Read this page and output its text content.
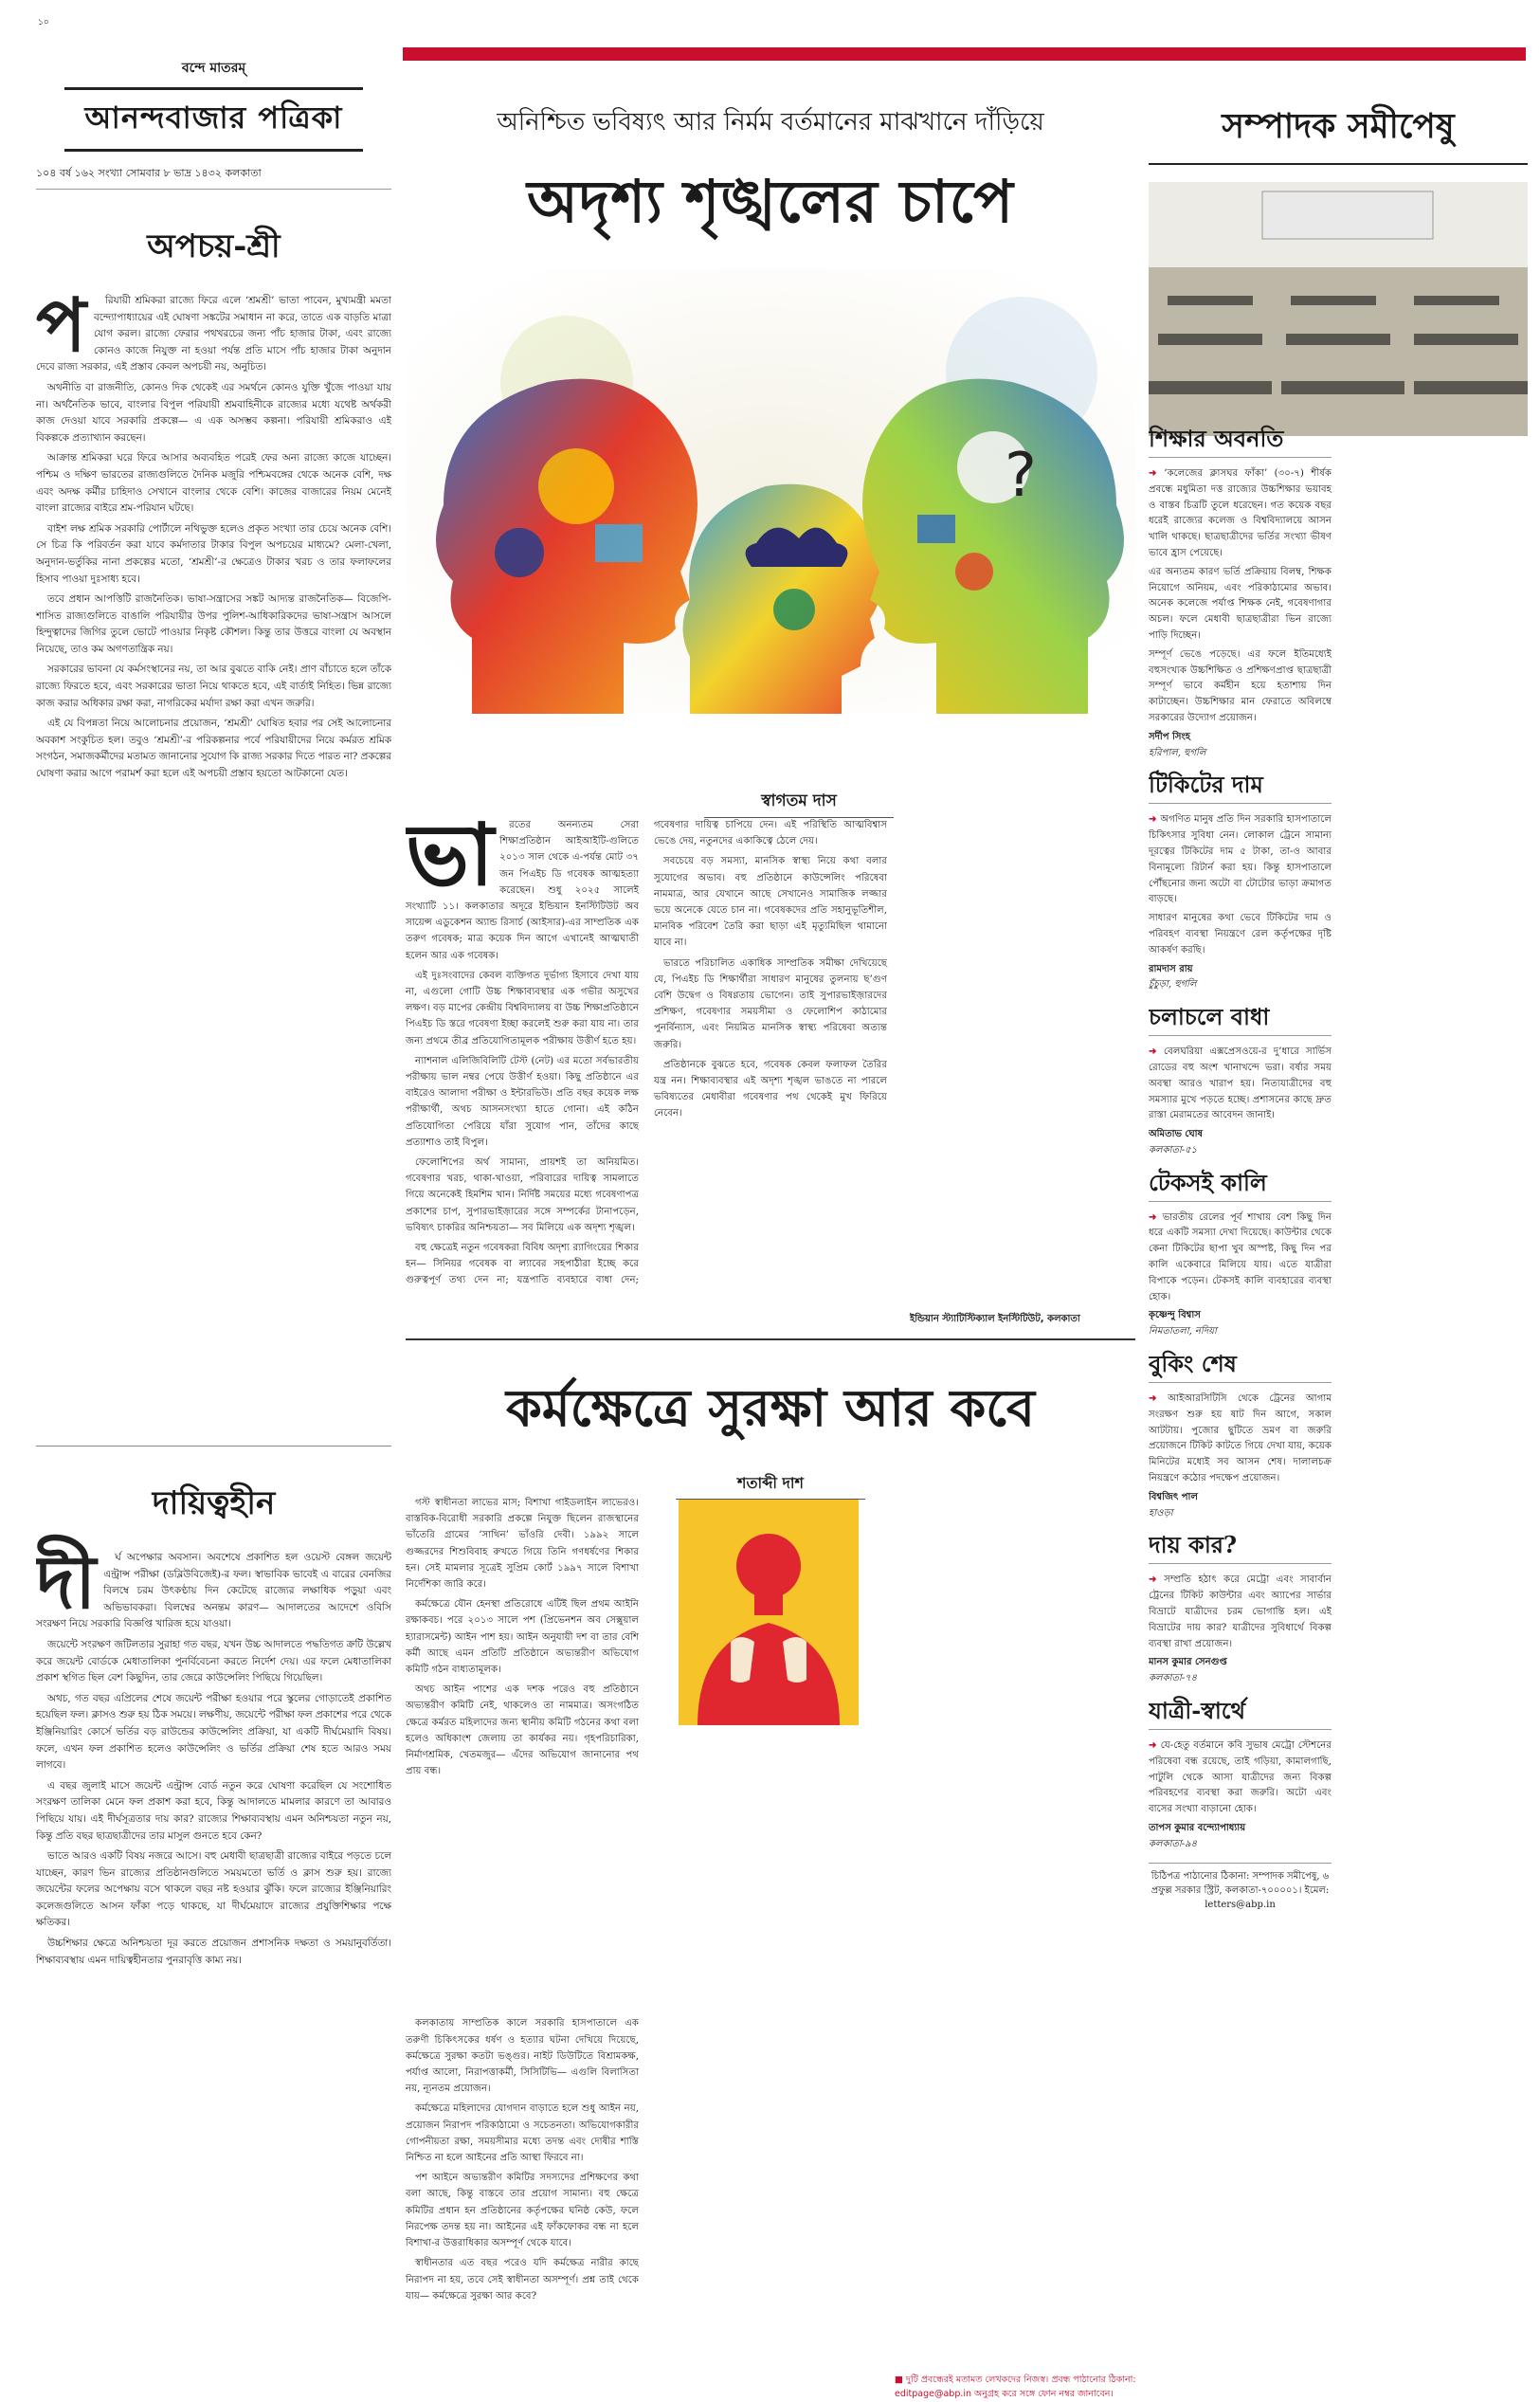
১০
বন্দে মাতরম্‌
আনন্দবাজার পত্রিকা
১০৪ বর্ষ ১৬২ সংখ্যা সোমবার ৮ ভাদ্র ১৪৩২ কলকাতা
অপচয়-শ্রী
প	রিযায়ী শ্রমিকরা রাজ্যে ফিরে এলে ‘শ্রমশ্রী’ ভাতা পাবেন, মুখ্যমন্ত্রী মমতা বন্দ্যোপাধ্যায়ের এই ঘোষণা সঙ্কটের সমাধান না করে, তাতে এক বাড়তি মাত্রা যোগ করল। রাজ্যে ফেরার পথখরচের জন্য পাঁচ হাজার টাকা, এবং রাজ্যে কোনও কাজে নিযুক্ত না হওয়া পর্যন্ত প্রতি মাসে পাঁচ হাজার টাকা অনুদান দেবে রাজ্য সরকার, এই প্রস্তাব কেবল অপচয়ী নয়, অনুচিত।

অথনীতি বা রাজনীতি, কোনও দিক থেকেই এর সমর্থনে কোনও যুক্তি খুঁজে পাওয়া যায় না। অর্থনৈতিক ভাবে, বাংলার বিপুল পরিযায়ী শ্রমবাহিনীকে রাজ্যের মধ্যে যথেষ্ট অর্থকরী কাজ দেওয়া যাবে সরকারি প্রকল্পে— এ এক অসম্ভব কল্পনা। পরিযায়ী শ্রমিকরাও এই বিকল্পকে প্রত্যাখ্যান করছেন।

আক্রান্ত শ্রমিকরা ঘরে ফিরে আসার অব্যবহিত পরেই ফের অন্য রাজ্যে কাজে যাচ্ছেন। পশ্চিম ও দক্ষিণ ভারতের রাজ্যগুলিতে দৈনিক মজুরি পশ্চিমবঙ্গের থেকে অনেক বেশি, দক্ষ এবং অদক্ষ কর্মীর চাহিদাও সেখানে বাংলার থেকে বেশি। কাজের বাজারের নিয়ম মেনেই বাংলা রাজ্যের বাইরে শ্রম-পরিযান ঘটছে।

বাইশ লক্ষ শ্রমিক সরকারি পোর্টালে নথিভুক্ত হলেও প্রকৃত সংখ্যা তার চেয়ে অনেক বেশি। সে চিত্র কি পরিবর্তন করা যাবে কর্মদাতার টাকার বিপুল অপচয়ের মাধ্যমে? মেলা-খেলা, অনুদান-ভর্তুকির নানা প্রকল্পের মতো, ‘শ্রমশ্রী’-র ক্ষেত্রেও টাকার খরচ ও তার ফলাফলের হিসাব পাওয়া দুঃসাধ্য হবে।

তবে প্রধান আপত্তিটি রাজনৈতিক। ভাষা-সন্ত্রাসের সঙ্কট আদ্যন্ত রাজনৈতিক— বিজেপি-শাসিত রাজ্যগুলিতে বাঙালি পরিযায়ীর উপর পুলিশ-আধিকারিকদের ভাষা-সন্ত্রাস আসলে হিন্দুত্বাদের জিগির তুলে ভোটে পাওয়ার নিকৃষ্ট কৌশল। কিন্তু তার উত্তরে বাংলা যে অবস্থান নিয়েছে, তাও কম অগণতান্ত্রিক নয়।

সরকারের ভাবনা যে কর্মসংস্থানের নয়, তা আর বুঝতে বাকি নেই। প্রাণ বাঁচাতে হলে তাঁকে রাজ্যে ফিরতে হবে, এবং সরকারের ভাতা নিয়ে থাকতে হবে, এই বার্তাই নিহিত। ভিন্ন রাজ্যে কাজ করার অধিকার রক্ষা করা, নাগরিকের মর্যাদা রক্ষা করা এখন জরুরি।

এই যে বিপন্নতা নিয়ে আলোচনার প্রয়োজন, ‘শ্রমশ্রী’ ঘোষিত হবার পর সেই আলোচনার অবকাশ সংকুচিত হল। তবুও ‘শ্রমশ্রী’-র পরিকল্পনার পর্বে পরিযায়ীদের নিয়ে কর্মরত শ্রমিক সংগঠন, সমাজকর্মীদের মতামত জানানোর সুযোগ কি রাজ্য সরকার দিতে পারত না? প্রকল্পের ঘোষণা করার আগে পরামর্শ করা হলে এই অপচয়ী প্রস্তাব হয়তো আটকানো যেত।

দায়িত্বহীন
দী	র্ঘ অপেক্ষার অবসান। অবশেষে প্রকাশিত হল ওয়েস্ট বেঙ্গল জয়েন্ট এন্ট্রান্স পরীক্ষা (ডব্লিউবিজেই)-র ফল। স্বাভাবিক ভাবেই এ বারের বেনজির বিলম্বে চরম উৎকণ্ঠায় দিন কেটেছে রাজ্যের লক্ষাধিক পড়ুয়া এবং অভিভাবকরা। বিলম্বের অনন্তম কারণ— আদালতের আদেশে ওবিসি সংরক্ষণ নিয়ে সরকারি বিজ্ঞপ্তি খারিজ হয়ে যাওয়া।

জয়েন্টে সংরক্ষণ জটিলতার সুরাহা গত বছর, যখন উচ্চ আদালতে পদ্ধতিগত ক্রটি উল্লেখ করে জয়েন্ট বোর্ডকে মেধাতালিকা পুনর্বিবেচনা করতে নির্দেশ দেয়। এর ফলে মেধাতালিকা প্রকাশ স্থগিত ছিল বেশ কিছুদিন, তার জেরে কাউন্সেলিং পিছিয়ে গিয়েছিল।

অথচ, গত বছর এপ্রিলের শেষে জয়েন্ট পরীক্ষা হওয়ার পরে স্কুলের গোড়াতেই প্রকাশিত হয়েছিল ফল। ক্লাসও শুরু হয় ঠিক সময়ে। লক্ষণীয়, জয়েন্টে পরীক্ষা ফল প্রকাশের পরে থেকে ইঞ্জিনিয়ারিং কোর্সে ভর্তির বড় রাউন্ডের কাউন্সেলিং প্রক্রিয়া, যা একটি দীর্ঘমেয়াদি বিষয়। ফলে, এখন ফল প্রকাশিত হলেও কাউন্সেলিং ও ভর্তির প্রক্রিয়া শেষ হতে আরও সময় লাগবে।

এ বছর জুলাই মাসে জয়েন্ট এন্ট্রান্স বোর্ড নতুন করে ঘোষণা করেছিল যে সংশোধিত সংরক্ষণ তালিকা মেনে ফল প্রকাশ করা হবে, কিন্তু আদালতে মামলার কারণে তা আবারও পিছিয়ে যায়। এই দীর্ঘসূত্রতার দায় কার? রাজ্যের শিক্ষাব্যবস্থায় এমন অনিশ্চয়তা নতুন নয়, কিন্তু প্রতি বছর ছাত্রছাত্রীদের তার মাসুল গুনতে হবে কেন?

ভাতে আরও একটি বিষয় নজরে আসে। বহু মেধাবী ছাত্রছাত্রী রাজ্যের বাইরে পড়তে চলে যাচ্ছেন, কারণ ভিন রাজ্যের প্রতিষ্ঠানগুলিতে সময়মতো ভর্তি ও ক্লাস শুরু হয়। রাজ্যে জয়েন্টের ফলের অপেক্ষায় বসে থাকলে বছর নষ্ট হওয়ার ঝুঁকি। ফলে রাজ্যের ইঞ্জিনিয়ারিং কলেজগুলিতে আসন ফাঁকা পড়ে থাকছে, যা দীর্ঘমেয়াদে রাজ্যের প্রযুক্তিশিক্ষার পক্ষে ক্ষতিকর।

উচ্চশিক্ষার ক্ষেত্রে অনিশ্চয়তা দূর করতে প্রয়োজন প্রশাসনিক দক্ষতা ও সময়ানুবর্তিতা। শিক্ষাব্যবস্থায় এমন দায়িত্বহীনতার পুনরাবৃত্তি কাম্য নয়।

অনিশ্চিত ভবিষ্যৎ আর নির্মম বর্তমানের মাঝখানে দাঁড়িয়ে
অদৃশ্য শৃঙ্খলের চাপে
?
স্বাগতম দাস
ভা	রতের অনন্যতম সেরা শিক্ষাপ্রতিষ্ঠান আইআইটি-গুলিতে ২০১৩ সাল থেকে এ-পর্যন্ত মোট ৩৭ জন পিএইচ ডি গবেষক আত্মহত্যা করেছেন। শুধু ২০২৫ সালেই সংখ্যাটি ১১। কলকাতার অদূরে ইন্ডিয়ান ইনস্টিটিউট অব সায়েন্স এডুকেশন অ্যান্ড রিসার্চ (আইসার)-এর সাম্প্রতিক এক তরুণ গবেষক; মাত্র কয়েক দিন আগে এখানেই আত্মঘাতী হলেন আর এক গবেষক।

এই দুঃসংবাদের কেবল ব্যক্তিগত দুর্ভাগ্য হিসাবে দেখা যায় না, এগুলো গোটি উচ্চ শিক্ষাব্যবস্থার এক গভীর অসুখের লক্ষণ। বড় মাপের কেন্দ্রীয় বিশ্ববিদ্যালয় বা উচ্চ শিক্ষাপ্রতিষ্ঠানে পিএইচ ডি স্তরে গবেষণা ইচ্ছা করলেই শুরু করা যায় না। তার জন্য প্রথমে তীব্র প্রতিযোগিতামূলক পরীক্ষায় উত্তীর্ণ হতে হয়।

ন্যাশনাল এলিজিবিলিটি টেস্ট (নেট) এর মতো সর্বভারতীয় পরীক্ষায় ভাল নম্বর পেয়ে উত্তীর্ণ হওয়া। কিছু প্রতিষ্ঠানে এর বাইরেও আলাদা পরীক্ষা ও ইন্টারভিউ। প্রতি বছর কয়েক লক্ষ পরীক্ষার্থী, অথচ আসনসংখ্যা হাতে গোনা। এই কঠিন প্রতিযোগিতা পেরিয়ে যাঁরা সুযোগ পান, তাঁদের কাছে প্রত্যাশাও তাই বিপুল।

ফেলোশিপের অর্থ সামান্য, প্রায়শই তা অনিয়মিত। গবেষণার খরচ, থাকা-খাওয়া, পরিবারের দায়িত্ব সামলাতে গিয়ে অনেকেই হিমশিম খান। নির্দিষ্ট সময়ের মধ্যে গবেষণাপত্র প্রকাশের চাপ, সুপারভাইজ়ারের সঙ্গে সম্পর্কের টানাপড়েন, ভবিষ্যৎ চাকরির অনিশ্চয়তা— সব মিলিয়ে এক অদৃশ্য শৃঙ্খল।

বহু ক্ষেত্রেই নতুন গবেষকরা বিবিধ অদৃশ্য র‌্যাগিংয়ের শিকার হন— সিনিয়র গবেষক বা ল্যাবের সহপাঠীরা ইচ্ছে করে গুরুত্বপূর্ণ তথ্য দেন না; যন্ত্রপাতি ব্যবহারে বাধা দেন; গবেষণার দায়িত্ব চাপিয়ে দেন। এই পরিস্থিতি আত্মবিশ্বাস ভেঙে দেয়, নতুনদের একাকিত্বে ঠেলে দেয়।

সবচেয়ে বড় সমস্যা, মানসিক স্বাস্থ্য নিয়ে কথা বলার সুযোগের অভাব। বহু প্রতিষ্ঠানে কাউন্সেলিং পরিষেবা নামমাত্র, আর যেখানে আছে সেখানেও সামাজিক লজ্জার ভয়ে অনেকে যেতে চান না। গবেষকদের প্রতি সহানুভূতিশীল, মানবিক পরিবেশ তৈরি করা ছাড়া এই মৃত্যুমিছিল থামানো যাবে না।

ভারতে পরিচালিত একাধিক সাম্প্রতিক সমীক্ষা দেখিয়েছে যে, পিএইচ ডি শিক্ষার্থীরা সাধারণ মানুষের তুলনায় ছ’গুণ বেশি উদ্বেগ ও বিষণ্ণতায় ভোগেন। তাই সুপারভাইজ়ারদের প্রশিক্ষণ, গবেষণার সময়সীমা ও ফেলোশিপ কাঠামোর পুনর্বিন্যাস, এবং নিয়মিত মানসিক স্বাস্থ্য পরিষেবা অত্যন্ত জরুরি।

প্রতিষ্ঠানকে বুঝতে হবে, গবেষক কেবল ফলাফল তৈরির যন্ত্র নন। শিক্ষাব্যবস্থার এই অদৃশ্য শৃঙ্খল ভাঙতে না পারলে ভবিষ্যতের মেধাবীরা গবেষণার পথ থেকেই মুখ ফিরিয়ে নেবেন।

ইন্ডিয়ান স্ট্যাটিস্টিক্যাল ইনস্টিটিউট, কলকাতা
কর্মক্ষেত্রে সুরক্ষা আর কবে

গস্ট স্বাধীনতা লাভের মাস; বিশাখা গাইডলাইন লাভেরও। বাস্তবিক-বিরোধী সরকারি প্রকল্পে নিযুক্ত ছিলেন রাজস্থানের ভাঁতেরি গ্রামের ‘সাথিন’ ভাঁওরি দেবী। ১৯৯২ সালে গুজ্জরদের শিশুবিবাহ রুখতে গিয়ে তিনি গণধর্ষণের শিকার হন। সেই মামলার সূত্রেই সুপ্রিম কোর্ট ১৯৯৭ সালে বিশাখা নির্দেশিকা জারি করে।

কর্মক্ষেত্রে যৌন হেনস্থা প্রতিরোধে এটিই ছিল প্রথম আইনি রক্ষাকবচ। পরে ২০১৩ সালে পশ (প্রিভেনশন অব সেক্সুয়াল হ্যারাসমেন্ট) আইন পাশ হয়। আইন অনুযায়ী দশ বা তার বেশি কর্মী আছে এমন প্রতিটি প্রতিষ্ঠানে অভ্যন্তরীণ অভিযোগ কমিটি গঠন বাধ্যতামূলক।

অথচ আইন পাশের এক দশক পরেও বহু প্রতিষ্ঠানে অভ্যন্তরীণ কমিটি নেই, থাকলেও তা নামমাত্র। অসংগঠিত ক্ষেত্রে কর্মরত মহিলাদের জন্য স্থানীয় কমিটি গঠনের কথা বলা হলেও অধিকাংশ জেলায় তা কার্যকর নয়। গৃহপরিচারিকা, নির্মাণশ্রমিক, খেতমজুর— এঁদের অভিযোগ জানানোর পথ প্রায় বন্ধ।

কলকাতায় সাম্প্রতিক কালে সরকারি হাসপাতালে এক তরুণী চিকিৎসকের ধর্ষণ ও হত্যার ঘটনা দেখিয়ে দিয়েছে, কর্মক্ষেত্রে সুরক্ষা কতটা ভঙ্গুর। নাইট ডিউটিতে বিশ্রামকক্ষ, পর্যাপ্ত আলো, নিরাপত্তাকর্মী, সিসিটিভি— এগুলি বিলাসিতা নয়, ন্যূনতম প্রয়োজন।

কর্মক্ষেত্রে মহিলাদের যোগদান বাড়াতে হলে শুধু আইন নয়, প্রয়োজন নিরাপদ পরিকাঠামো ও সচেতনতা। অভিযোগকারীর গোপনীয়তা রক্ষা, সময়সীমার মধ্যে তদন্ত এবং দোষীর শাস্তি নিশ্চিত না হলে আইনের প্রতি আস্থা ফিরবে না।

পশ আইনে অভ্যন্তরীণ কমিটির সদস্যদের প্রশিক্ষণের কথা বলা আছে, কিন্তু বাস্তবে তার প্রয়োগ সামান্য। বহু ক্ষেত্রে কমিটির প্রধান হন প্রতিষ্ঠানের কর্তৃপক্ষের ঘনিষ্ঠ কেউ, ফলে নিরপেক্ষ তদন্ত হয় না। আইনের এই ফাঁকফোকর বন্ধ না হলে বিশাখা-র উত্তরাধিকার অসম্পূর্ণ থেকে যাবে।

স্বাধীনতার এত বছর পরেও যদি কর্মক্ষেত্র নারীর কাছে নিরাপদ না হয়, তবে সেই স্বাধীনতা অসম্পূর্ণ। প্রশ্ন তাই থেকে যায়— কর্মক্ষেত্রে সুরক্ষা আর কবে?

শতাব্দী দাশ
■ দুটি প্রবন্ধেরই মতামত লেখকদের নিজস্ব। প্রবন্ধ পাঠানোর ঠিকানা: editpage@abp.in অনুগ্রহ করে সঙ্গে ফোন নম্বর জানাবেন।
সম্পাদক সমীপেষু
শিক্ষার অবনতি

➜ ‘কলেজের ক্লাসঘর ফাঁকা’ (৩০-৭) শীর্ষক প্রবন্ধে মধুমিতা দত্ত রাজ্যের উচ্চশিক্ষার ভয়াবহ ও বাস্তব চিত্রটি তুলে ধরেছেন। গত কয়েক বছর ধরেই রাজ্যের কলেজ ও বিশ্ববিদ্যালয়ে আসন খালি থাকছে। ছাত্রছাত্রীদের ভর্তির সংখ্যা ভীষণ ভাবে হ্রাস পেয়েছে।

এর অন্যতম কারণ ভর্তি প্রক্রিয়ায় বিলম্ব, শিক্ষক নিয়োগে অনিয়ম, এবং পরিকাঠামোর অভাব। অনেক কলেজে পর্যাপ্ত শিক্ষক নেই, গবেষণাগার অচল। ফলে মেধাবী ছাত্রছাত্রীরা ভিন রাজ্যে পাড়ি দিচ্ছেন।

সম্পূর্ণ ভেঙে পড়েছে। এর ফলে ইতিমধ্যেই বহুসংখ্যক উচ্চশিক্ষিত ও প্রশিক্ষণপ্রাপ্ত ছাত্রছাত্রী সম্পূর্ণ ভাবে কর্মহীন হয়ে হতাশায় দিন কাটাচ্ছেন। উচ্চশিক্ষার মান ফেরাতে অবিলম্বে সরকারের উদ্যোগ প্রয়োজন।

সর্দীপ সিংহ
হরিপাল, হুগলি
টিকিটের দাম

➜ অগণিত মানুষ প্রতি দিন সরকারি হাসপাতালে চিকিৎসার সুবিধা নেন। লোকাল ট্রেনে সামান্য দূরত্বের টিকিটের দাম ৫ টাকা, তা-ও আবার বিনামূল্যে রিটার্ন করা হয়। কিন্তু হাসপাতালে পৌঁছনোর জন্য অটো বা টোটোর ভাড়া ক্রমাগত বাড়ছে।

সাধারণ মানুষের কথা ভেবে টিকিটের দাম ও পরিবহণ ব্যবস্থা নিয়ন্ত্রণে রেল কর্তৃপক্ষের দৃষ্টি আকর্ষণ করছি।

রামদাস রায়
চুঁচুড়া, হুগলি
চলাচলে বাধা

➜ বেলঘরিয়া এক্সপ্রেসওয়ে-র দু’ধারে সার্ভিস রোডের বহু অংশ খানাখন্দে ভরা। বর্ষার সময় অবস্থা আরও খারাপ হয়। নিত্যযাত্রীদের বহু সমস্যার মুখে পড়তে হচ্ছে। প্রশাসনের কাছে দ্রুত রাস্তা মেরামতের আবেদন জানাই।

অমিতাভ ঘোষ
কলকাতা-৫১
টেকসই কালি

➜ ভারতীয় রেলের পূর্ব শাখায় বেশ কিছু দিন ধরে একটি সমস্যা দেখা দিয়েছে। কাউন্টার থেকে কেনা টিকিটের ছাপা খুব অস্পষ্ট, কিছু দিন পর কালি একেবারে মিলিয়ে যায়। এতে যাত্রীরা বিপাকে পড়েন। টেকসই কালি ব্যবহারের ব্যবস্থা হোক।

কৃষ্ণেন্দু বিশ্বাস
নিমতাতলা, নদিয়া
বুকিং শেষ

➜ আইআরসিটিসি থেকে ট্রেনের আগাম সংরক্ষণ শুরু হয় ষাট দিন আগে, সকাল আটটায়। পুজোর ছুটিতে ভ্রমণ বা জরুরি প্রয়োজনে টিকিট কাটতে গিয়ে দেখা যায়, কয়েক মিনিটের মধ্যেই সব আসন শেষ। দালালচক্র নিয়ন্ত্রণে কঠোর পদক্ষেপ প্রয়োজন।

বিশ্বজিৎ পাল
হাওড়া
দায় কার?

➜ সম্প্রতি হঠাৎ করে মেট্রো এবং সাবার্বান ট্রেনের টিকিট কাউন্টার এবং অ্যাপের সার্ভার বিভ্রাটে যাত্রীদের চরম ভোগান্তি হল। এই বিভ্রাটের দায় কার? যাত্রীদের সুবিধার্থে বিকল্প ব্যবস্থা রাখা প্রয়োজন।

মানস কুমার সেনগুপ্ত
কলকাতা-৭৪
যাত্রী-স্বার্থে

➜ যে-হেতু বর্তমানে কবি সুভাষ মেট্রো স্টেশনের পরিষেবা বন্ধ রয়েছে, তাই গড়িয়া, কামালগাছি, পাটুলি থেকে আসা যাত্রীদের জন্য বিকল্প পরিবহণের ব্যবস্থা করা জরুরি। অটো এবং বাসের সংখ্যা বাড়ানো হোক।

তাপস কুমার বন্দ্যোপাধ্যায়
কলকাতা-৯৪
চিঠিপত্র পাঠানোর ঠিকানা: সম্পাদক সমীপেষু, ৬ প্রফুল্ল সরকার স্ট্রিট, কলকাতা-৭০০০০১। ইমেল: letters@abp.in
